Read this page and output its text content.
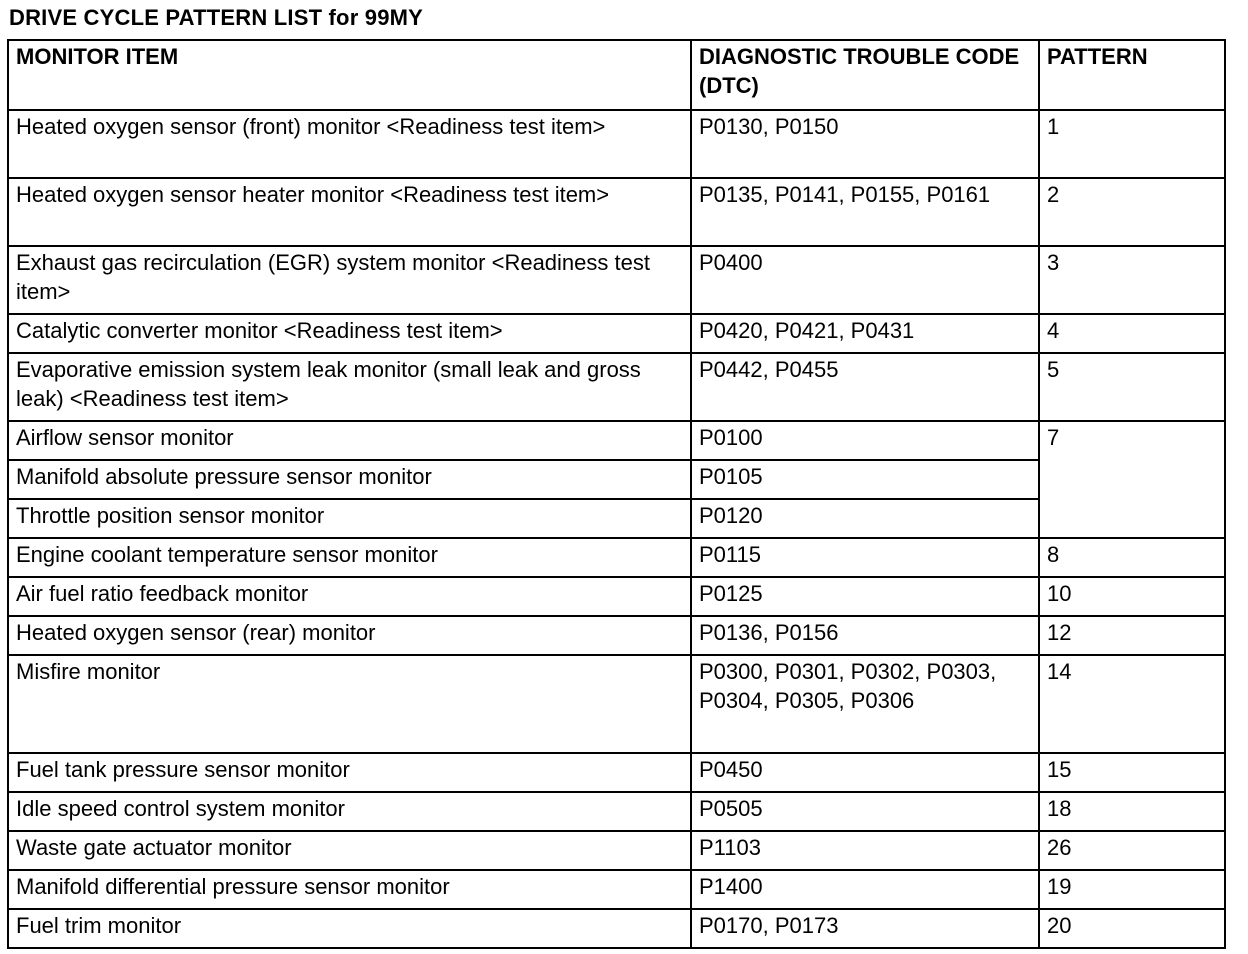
DRIVE CYCLE PATTERN LIST for 99MY
MONITOR ITEM	DIAGNOSTIC TROUBLE CODE (DTC)	PATTERN
Heated oxygen sensor (front) monitor <Readiness test item>	P0130, P0150	1
Heated oxygen sensor heater monitor <Readiness test item>	P0135, P0141, P0155, P0161	2
Exhaust gas recirculation (EGR) system monitor <Readiness test item>	P0400	3
Catalytic converter monitor <Readiness test item>	P0420, P0421, P0431	4
Evaporative emission system leak monitor (small leak and gross leak) <Readiness test item>	P0442, P0455	5
Airflow sensor monitor	P0100	7
Manifold absolute pressure sensor monitor	P0105	
Throttle position sensor monitor	P0120	
Engine coolant temperature sensor monitor	P0115	8
Air fuel ratio feedback monitor	P0125	10
Heated oxygen sensor (rear) monitor	P0136, P0156	12
Misfire monitor	P0300, P0301, P0302, P0303, P0304, P0305, P0306	14
Fuel tank pressure sensor monitor	P0450	15
Idle speed control system monitor	P0505	18
Waste gate actuator monitor	P1103	26
Manifold differential pressure sensor monitor	P1400	19
Fuel trim monitor	P0170, P0173	20
